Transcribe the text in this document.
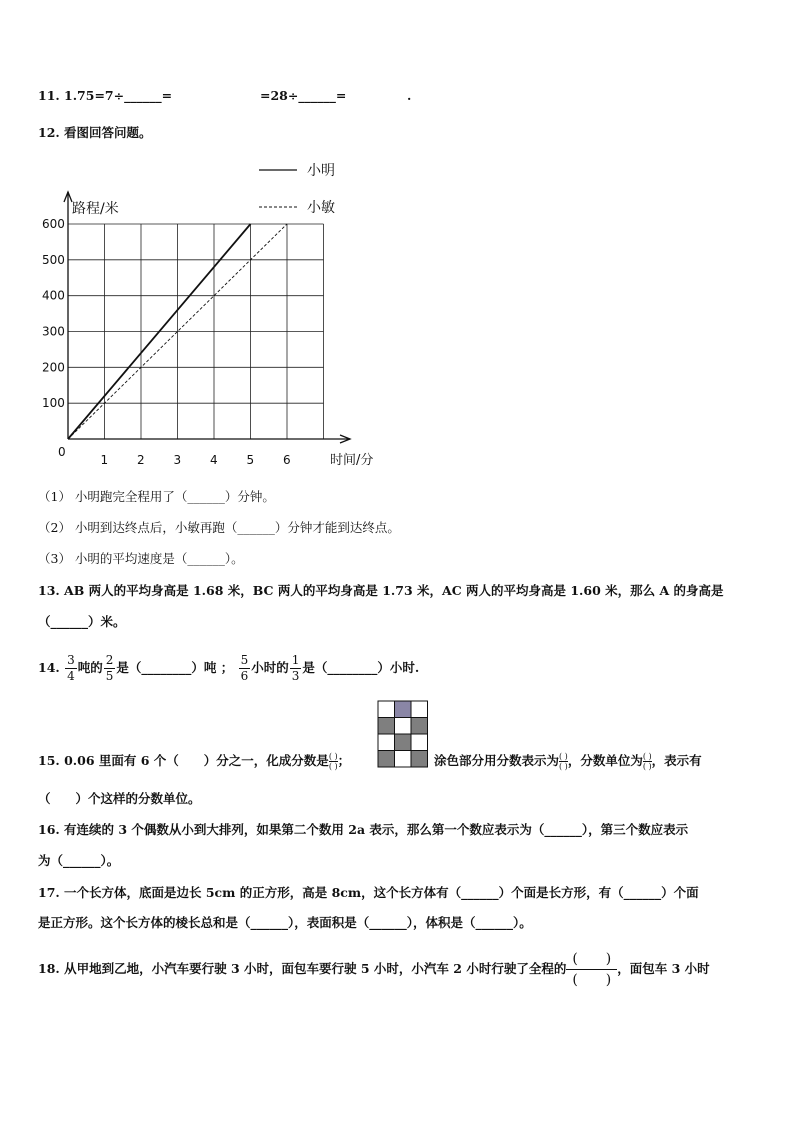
11. 1.75=7÷______=	=28÷______=	.
12. 看图回答问题。
小明
小敏
100
200
300
400
500
600
1 2 3 4 5 6
0
路程/米
时间/分
（1） 小明跑完全程用了（______）分钟。
（2） 小明到达终点后，小敏再跑（______）分钟才能到达终点。
（3） 小明的平均速度是（______）。
13. AB 两人的平均身高是 1.68 米，BC 两人的平均身高是 1.73 米，AC 两人的平均身高是 1.60 米，那么 A 的身高是
（______）米。
14. $\frac{3}{4}$ 吨的 $\frac{2}{5}$ 是（________）吨 ； $\frac{5}{6}$ 小时的 $\frac{1}{3}$ 是（________）小时.
15. 0.06 里面有 6 个（　　）分之一，化成分数是 $\frac{( )}{( )}$；	涂色部分用分数表示为 $\frac{( )}{( )}$，分数单位为 $\frac{( )}{( )}$，表示有
（　　）个这样的分数单位。
16. 有连续的 3 个偶数从小到大排列，如果第二个数用 2a 表示，那么第一个数应表示为（______），第三个数应表示
为（______）。
17. 一个长方体，底面是边长 5cm 的正方形，高是 8cm，这个长方体有（______）个面是长方形，有（______）个面
是正方形。这个长方体的棱长总和是（______），表面积是（______），体积是（______）。
18. 从甲地到乙地，小汽车要行驶 3 小时，面包车要行驶 5 小时，小汽车 2 小时行驶了全程的 $\frac{( )}{( )}$ ，面包车 3 小时
